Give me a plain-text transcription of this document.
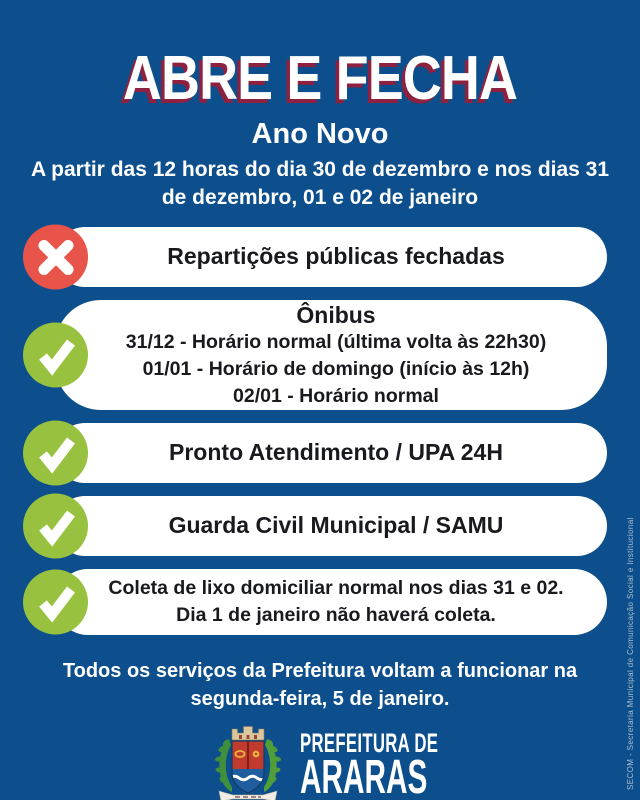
ABRE E FECHA
Ano Novo
A partir das 12 horas do dia 30 de dezembro e nos dias 31 de dezembro, 01 e 02 de janeiro
Repartições públicas fechadas
Ônibus
31/12 - Horário normal (última volta às 22h30)
01/01 - Horário de domingo (início às 12h)
02/01 - Horário normal
Pronto Atendimento / UPA 24H
Guarda Civil Municipal / SAMU
Coleta de lixo domiciliar normal nos dias 31 e 02.
Dia 1 de janeiro não haverá coleta.
Todos os serviços da Prefeitura voltam a funcionar na segunda-feira, 5 de janeiro.
PREFEITURA DE
ARARAS	SECOM - Secretaria Municipal de Comunicação Social e Institucional
